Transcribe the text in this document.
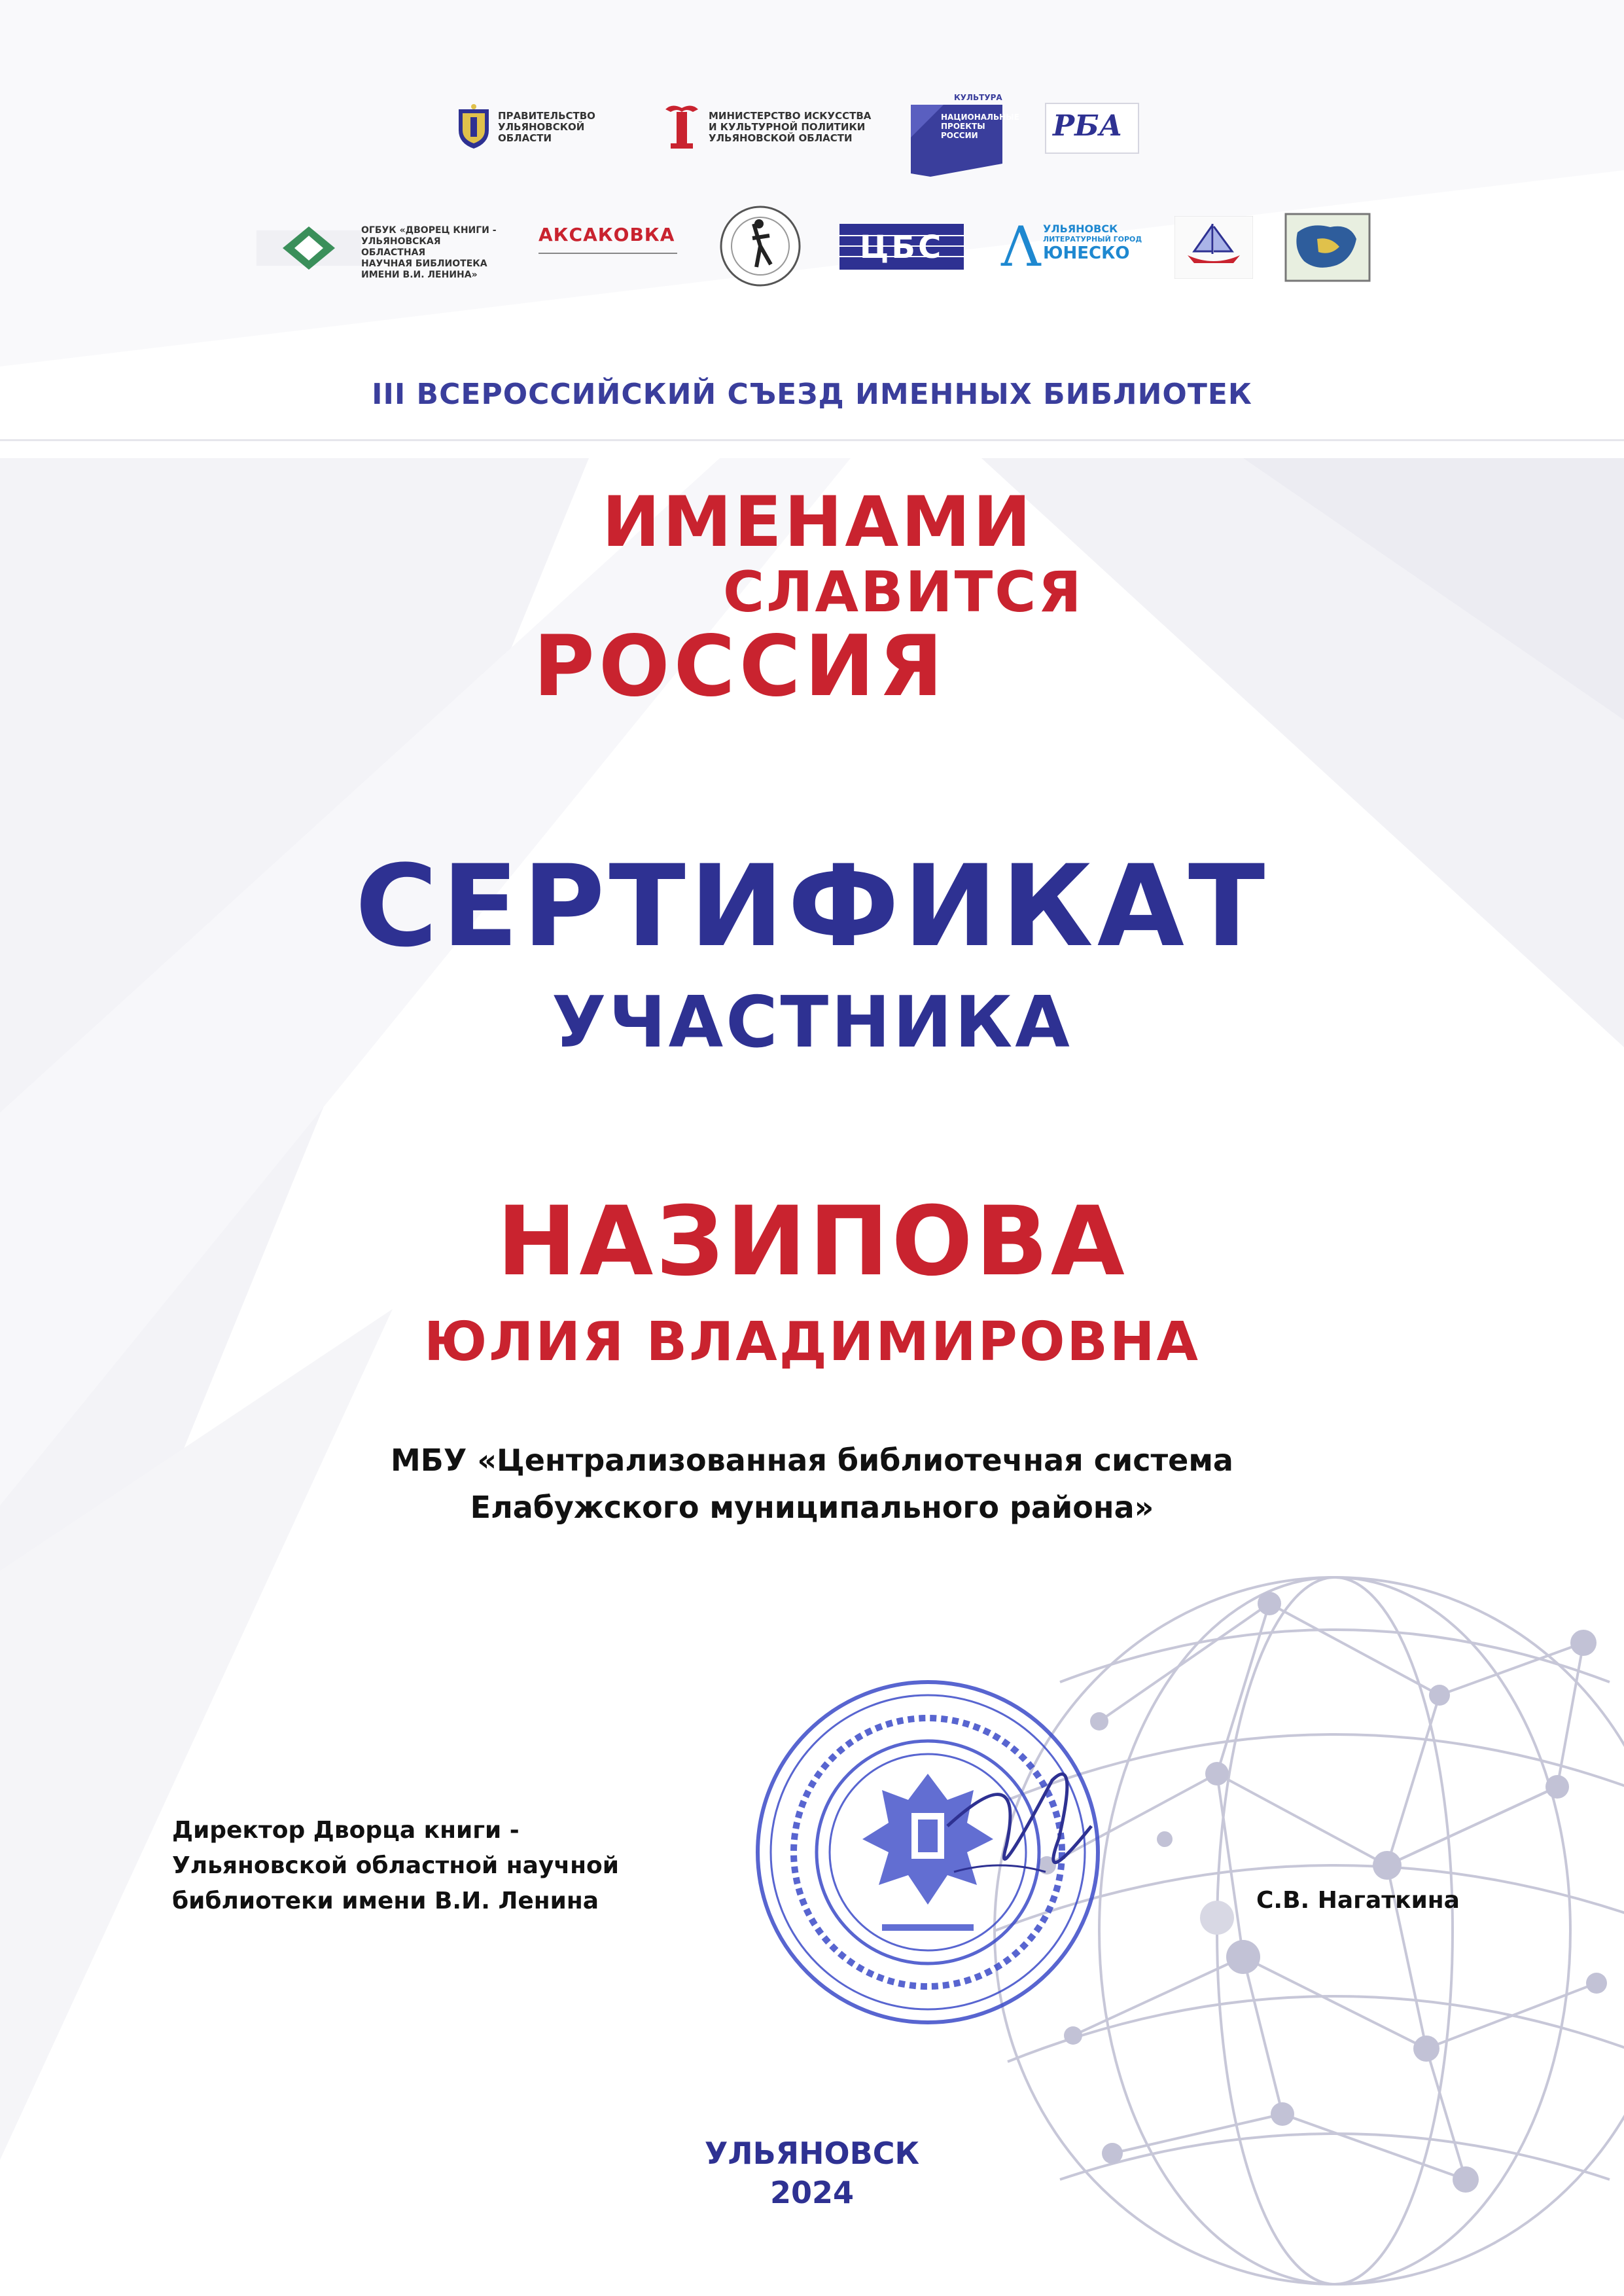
ПРАВИТЕЛЬСТВО
УЛЬЯНОВСКОЙ
ОБЛАСТИ
МИНИСТЕРСТВО ИСКУССТВА
И КУЛЬТУРНОЙ ПОЛИТИКИ
УЛЬЯНОВСКОЙ ОБЛАСТИ
КУЛЬТУРА
НАЦИОНАЛЬНЫЕ
ПРОЕКТЫ
РОССИИ	РБА
ОГБУК «ДВОРЕЦ КНИГИ -
УЛЬЯНОВСКАЯ ОБЛАСТНАЯ
НАУЧНАЯ БИБЛИОТЕКА
ИМЕНИ В.И. ЛЕНИНА»
АКСАКОВКА	ЦБС	Λ УЛЬЯНОВСК
ЛИТЕРАТУРНЫЙ ГОРОД
ЮНЕСКО
III ВСЕРОССИЙСКИЙ СЪЕЗД ИМЕННЫХ БИБЛИОТЕК
ИМЕНАМИ
СЛАВИТСЯ
РОССИЯ
СЕРТИФИКАТ
УЧАСТНИКА
НАЗИПОВА
ЮЛИЯ ВЛАДИМИРОВНА
МБУ «Централизованная библиотечная система
Елабужского муниципального района»
Директор Дворца книги -
Ульяновской областной научной
библиотеки имени В.И. Ленина	С.В. Нагаткина
УЛЬЯНОВСК
2024
